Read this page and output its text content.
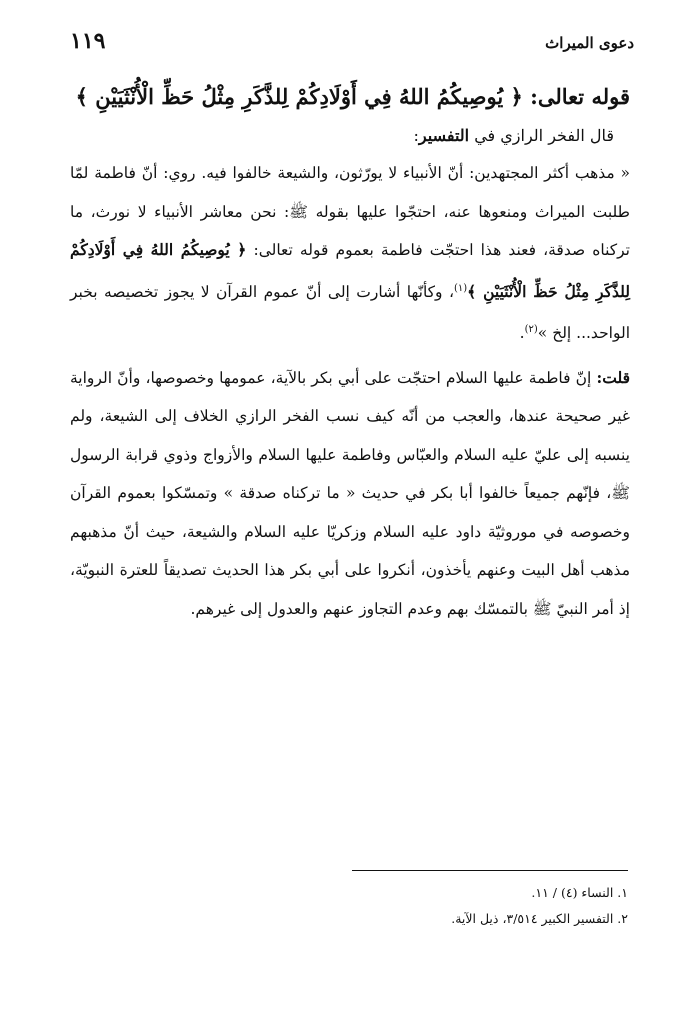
دعوى الميراث
١١٩

قوله تعالى: ﴿ يُوصِيكُمُ اللهُ فِي أَوْلَادِكُمْ لِلذَّكَرِ مِثْلُ حَظِّ الْأُنْثَيَيْنِ ﴾

قال الفخر الرازي في التفسير:

« مذهب أكثر المجتهدين: أنّ الأنبياء لا يورّثون، والشيعة خالفوا فيه. روي: أنّ فاطمة لمّا طلبت الميراث ومنعوها عنه، احتجّوا عليها بقوله ﷺ: نحن معاشر الأنبياء لا نورث، ما تركناه صدقة، فعند هذا احتجّت فاطمة بعموم قوله تعالى: ﴿ يُوصِيكُمُ اللهُ فِي أَوْلَادِكُمْ لِلذَّكَرِ مِثْلُ حَظِّ الْأُنْثَيَيْنِ ﴾$^{(١)}$، وكأنّها أشارت إلى أنّ عموم القرآن لا يجوز تخصيصه بخبر الواحد... إلخ »$^{(٢)}$.

قلت: إنّ فاطمة عليها السلام احتجّت على أبي بكر بالآية، عمومها وخصوصها، وأنّ الرواية غير صحيحة عندها، والعجب من أنّه كيف نسب الفخر الرازي الخلاف إلى الشيعة، ولم ينسبه إلى عليّ عليه السلام والعبّاس وفاطمة عليها السلام والأزواج وذوي قرابة الرسول ﷺ، فإنّهم جميعاً خالفوا أبا بكر في حديث « ما تركناه صدقة » وتمسّكوا بعموم القرآن وخصوصه في موروثيّة داود عليه السلام وزكريّا عليه السلام والشيعة، حيث أنّ مذهبهم مذهب أهل البيت وعنهم يأخذون، أنكروا على أبي بكر هذا الحديث تصديقاً للعترة النبويّة، إذ أمر النبيّ ﷺ بالتمسّك بهم وعدم التجاوز عنهم والعدول إلى غيرهم.

١. النساء (٤) / ١١.
٢. التفسير الكبير ٣/٥١٤، ذيل الآية.
